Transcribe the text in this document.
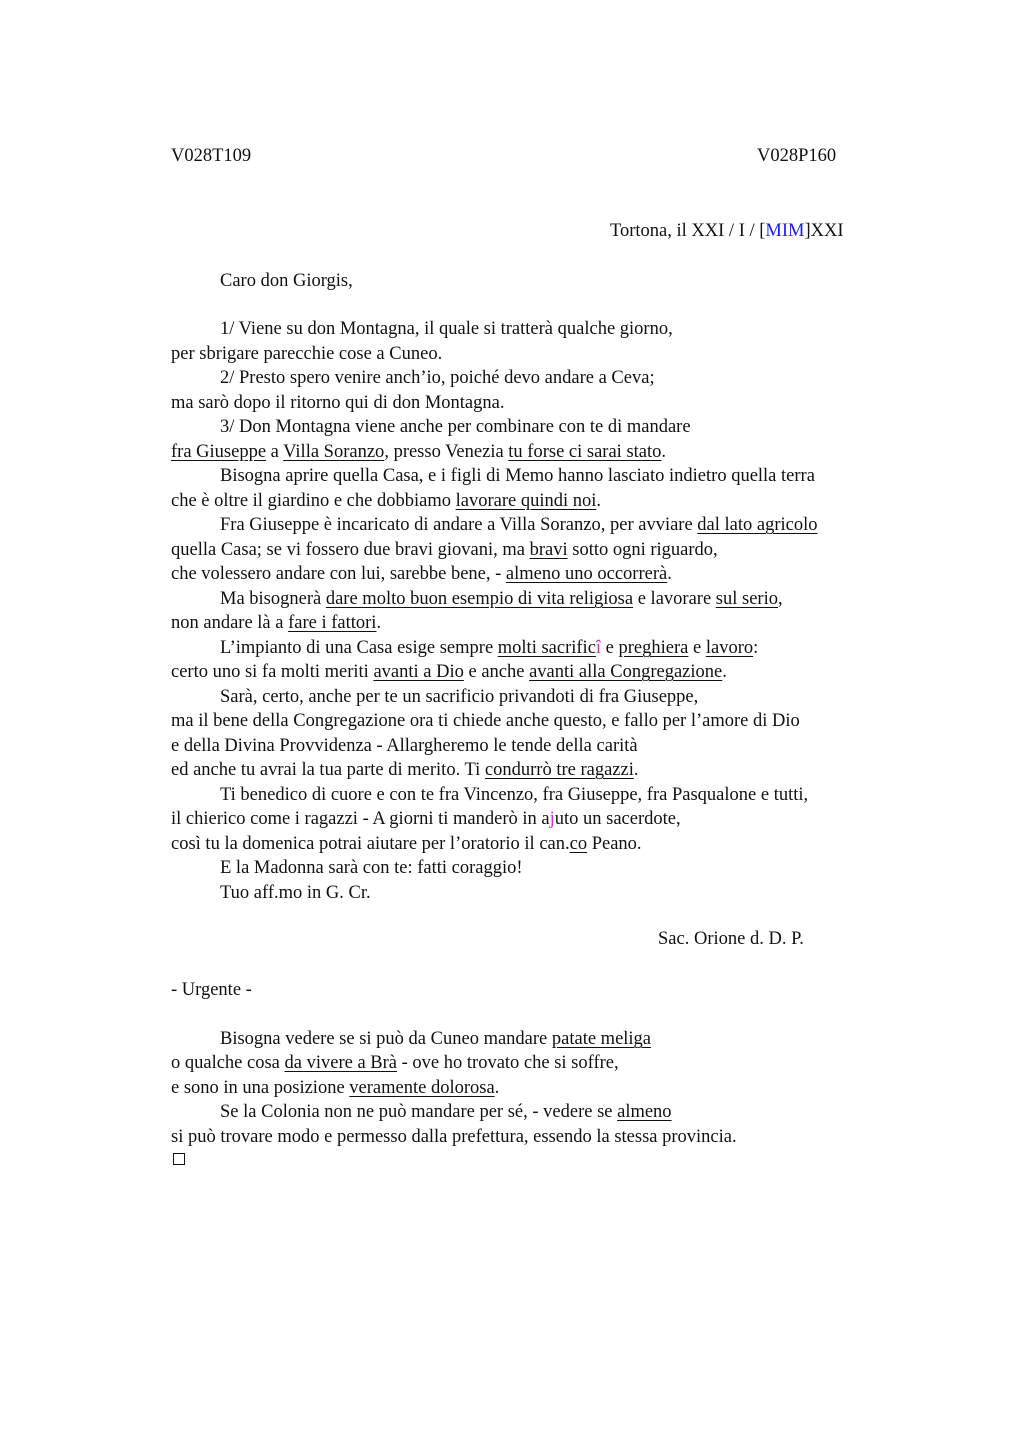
V028T109	V028P160
Tortona, il XXI / I / [MIM]XXI
Caro don Giorgis,
1/ Viene su don Montagna, il quale si tratterà qualche giorno,
per sbrigare parecchie cose a Cuneo.
2/ Presto spero venire anch’io, poiché devo andare a Ceva;
ma sarò dopo il ritorno qui di don Montagna.
3/ Don Montagna viene anche per combinare con te di mandare
fra Giuseppe a Villa Soranzo, presso Venezia tu forse ci sarai stato.
Bisogna aprire quella Casa, e i figli di Memo hanno lasciato indietro quella terra
che è oltre il giardino e che dobbiamo lavorare quindi noi.
Fra Giuseppe è incaricato di andare a Villa Soranzo, per avviare dal lato agricolo
quella Casa; se vi fossero due bravi giovani, ma bravi sotto ogni riguardo,
che volessero andare con lui, sarebbe bene, - almeno uno occorrerà.
Ma bisognerà dare molto buon esempio di vita religiosa e lavorare sul serio,
non andare là a fare i fattori.
L’impianto di una Casa esige sempre molti sacrificî e preghiera e lavoro:
certo uno si fa molti meriti avanti a Dio e anche avanti alla Congregazione.
Sarà, certo, anche per te un sacrificio privandoti di fra Giuseppe,
ma il bene della Congregazione ora ti chiede anche questo, e fallo per l’amore di Dio
e della Divina Provvidenza - Allargheremo le tende della carità
ed anche tu avrai la tua parte di merito. Ti condurrò tre ragazzi.
Ti benedico di cuore e con te fra Vincenzo, fra Giuseppe, fra Pasqualone e tutti,
il chierico come i ragazzi - A giorni ti manderò in ajuto un sacerdote,
così tu la domenica potrai aiutare per l’oratorio il can.co Peano.
E la Madonna sarà con te: fatti coraggio!
Tuo aff.mo in G. Cr.
Sac. Orione d. D. P.
- Urgente -
Bisogna vedere se si può da Cuneo mandare patate meliga
o qualche cosa da vivere a Brà - ove ho trovato che si soffre,
e sono in una posizione veramente dolorosa.
Se la Colonia non ne può mandare per sé, - vedere se almeno
si può trovare modo e permesso dalla prefettura, essendo la stessa provincia.
